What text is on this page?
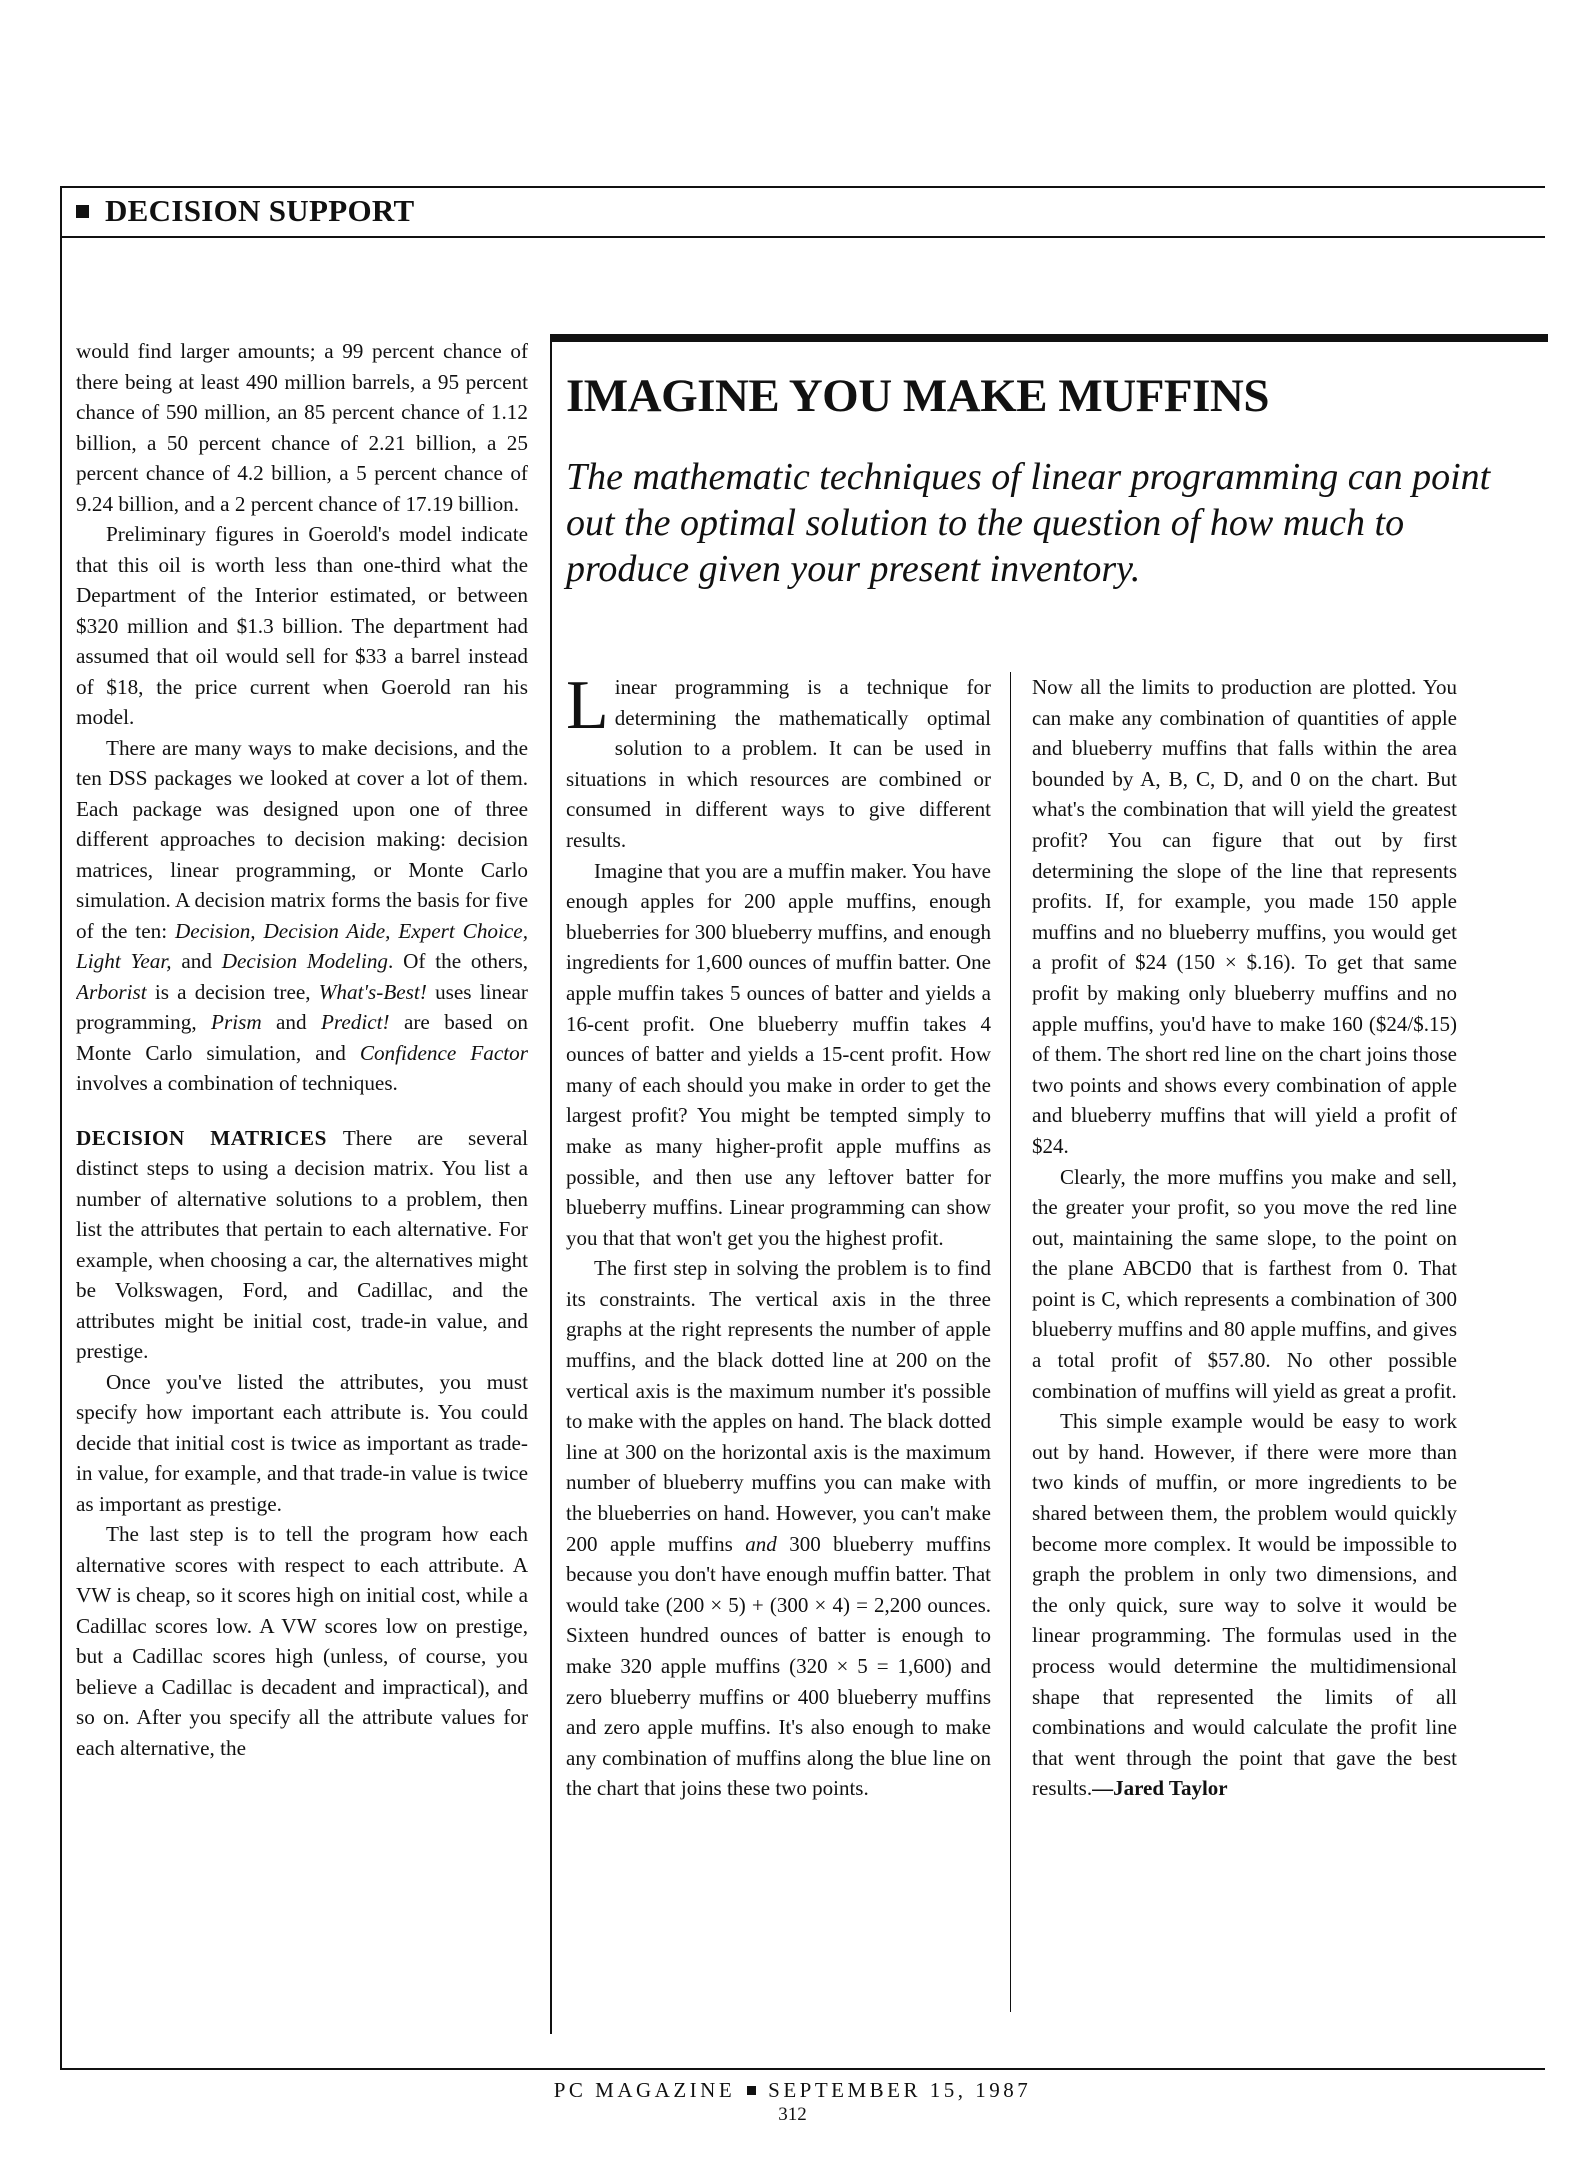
DECISION SUPPORT

would find larger amounts; a 99 percent chance of there being at least 490 million barrels, a 95 percent chance of 590 million, an 85 percent chance of 1.12 billion, a 50 percent chance of 2.21 billion, a 25 percent chance of 4.2 billion, a 5 percent chance of 9.24 billion, and a 2 percent chance of 17.19 billion.

Preliminary figures in Goerold's model indicate that this oil is worth less than one-third what the Department of the Interior estimated, or between $320 million and $1.3 billion. The department had assumed that oil would sell for $33 a barrel instead of $18, the price current when Goerold ran his model.

There are many ways to make decisions, and the ten DSS packages we looked at cover a lot of them. Each package was designed upon one of three different approaches to decision making: decision matrices, linear programming, or Monte Carlo simulation. A decision matrix forms the basis for five of the ten: Decision, Decision Aide, Expert Choice, Light Year, and Decision Modeling. Of the others, Arborist is a decision tree, What's-Best! uses linear programming, Prism and Predict! are based on Monte Carlo simulation, and Confidence Factor involves a combination of techniques.

DECISION MATRICES There are several distinct steps to using a decision matrix. You list a number of alternative solutions to a problem, then list the attributes that pertain to each alternative. For example, when choosing a car, the alternatives might be Volkswagen, Ford, and Cadillac, and the attributes might be initial cost, trade-in value, and prestige.

Once you've listed the attributes, you must specify how important each attribute is. You could decide that initial cost is twice as important as trade-in value, for example, and that trade-in value is twice as important as prestige.

The last step is to tell the program how each alternative scores with respect to each attribute. A VW is cheap, so it scores high on initial cost, while a Cadillac scores low. A VW scores low on prestige, but a Cadillac scores high (unless, of course, you believe a Cadillac is decadent and impractical), and so on. After you specify all the attribute values for each alternative, the

IMAGINE YOU MAKE MUFFINS
The mathematic techniques of linear programming can point out the optimal solution to the question of how much to produce given your present inventory.

Linear programming is a technique for determining the mathematically optimal solution to a problem. It can be used in situations in which resources are combined or consumed in different ways to give different results.

Imagine that you are a muffin maker. You have enough apples for 200 apple muffins, enough blueberries for 300 blueberry muffins, and enough ingredients for 1,600 ounces of muffin batter. One apple muffin takes 5 ounces of batter and yields a 16-cent profit. One blueberry muffin takes 4 ounces of batter and yields a 15-cent profit. How many of each should you make in order to get the largest profit? You might be tempted simply to make as many higher-profit apple muffins as possible, and then use any leftover batter for blueberry muffins. Linear programming can show you that that won't get you the highest profit.

The first step in solving the problem is to find its constraints. The vertical axis in the three graphs at the right represents the number of apple muffins, and the black dotted line at 200 on the vertical axis is the maximum number it's possible to make with the apples on hand. The black dotted line at 300 on the horizontal axis is the maximum number of blueberry muffins you can make with the blueberries on hand. However, you can't make 200 apple muffins and 300 blueberry muffins because you don't have enough muffin batter. That would take (200 × 5) + (300 × 4) = 2,200 ounces. Sixteen hundred ounces of batter is enough to make 320 apple muffins (320 × 5 = 1,600) and zero blueberry muffins or 400 blueberry muffins and zero apple muffins. It's also enough to make any combination of muffins along the blue line on the chart that joins these two points.

Now all the limits to production are plotted. You can make any combination of quantities of apple and blueberry muffins that falls within the area bounded by A, B, C, D, and 0 on the chart. But what's the combination that will yield the greatest profit? You can figure that out by first determining the slope of the line that represents profits. If, for example, you made 150 apple muffins and no blueberry muffins, you would get a profit of $24 (150 × $.16). To get that same profit by making only blueberry muffins and no apple muffins, you'd have to make 160 ($24/$.15) of them. The short red line on the chart joins those two points and shows every combination of apple and blueberry muffins that will yield a profit of $24.

Clearly, the more muffins you make and sell, the greater your profit, so you move the red line out, maintaining the same slope, to the point on the plane ABCD0 that is farthest from 0. That point is C, which represents a combination of 300 blueberry muffins and 80 apple muffins, and gives a total profit of $57.80. No other possible combination of muffins will yield as great a profit.

This simple example would be easy to work out by hand. However, if there were more than two kinds of muffin, or more ingredients to be shared between them, the problem would quickly become more complex. It would be impossible to graph the problem in only two dimensions, and the only quick, sure way to solve it would be linear programming. The formulas used in the process would determine the multidimensional shape that represented the limits of all combinations and would calculate the profit line that went through the point that gave the best results.—Jared Taylor

PC MAGAZINE SEPTEMBER 15, 1987
312
